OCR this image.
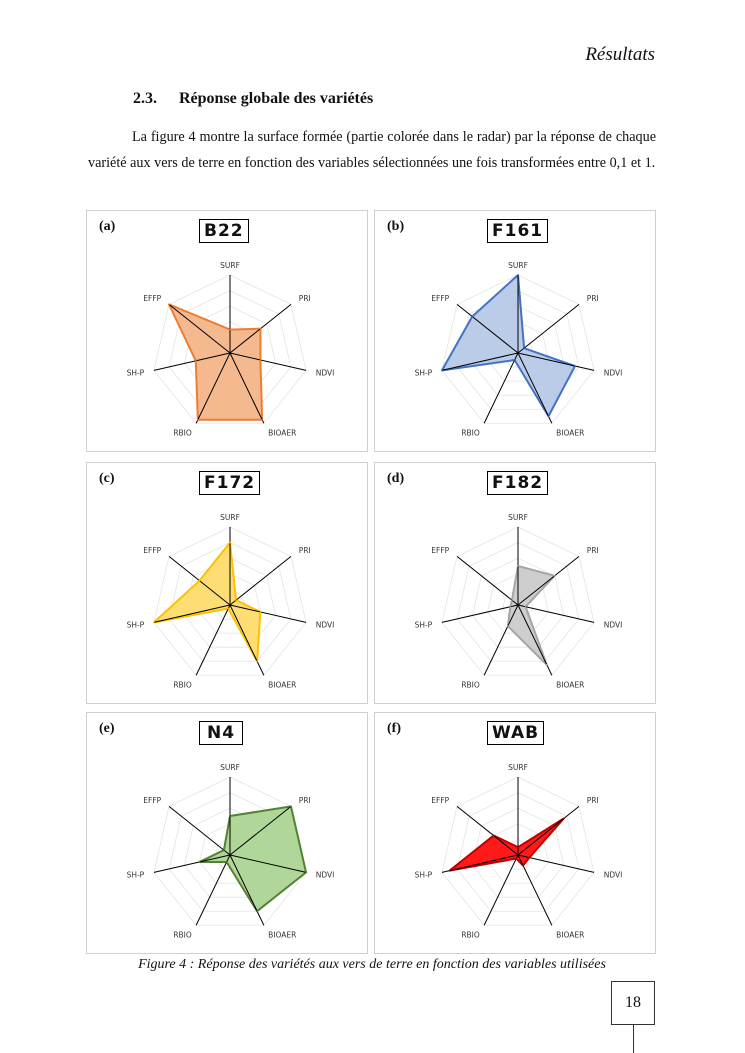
Résultats
2.3. Réponse globale des variétés
La figure 4 montre la surface formée (partie colorée dans le radar) par la réponse de chaque variété aux vers de terre en fonction des variables sélectionnées une fois transformées entre 0,1 et 1.
SURF
PRI
NDVI
BIOAER
RBIO
SH-P
EFFP
(a)	B22
SURF
PRI
NDVI
BIOAER
RBIO
SH-P
EFFP
(b)	F161
SURF
PRI
NDVI
BIOAER
RBIO
SH-P
EFFP
(c)	F172
SURF
PRI
NDVI
BIOAER
RBIO
SH-P
EFFP
(d)	F182
SURF
PRI
NDVI
BIOAER
RBIO
SH-P
EFFP
(e)	N4
SURF
PRI
NDVI
BIOAER
RBIO
SH-P
EFFP
(f)	WAB
Figure 4 : Réponse des variétés aux vers de terre en fonction des variables utilisées
18
